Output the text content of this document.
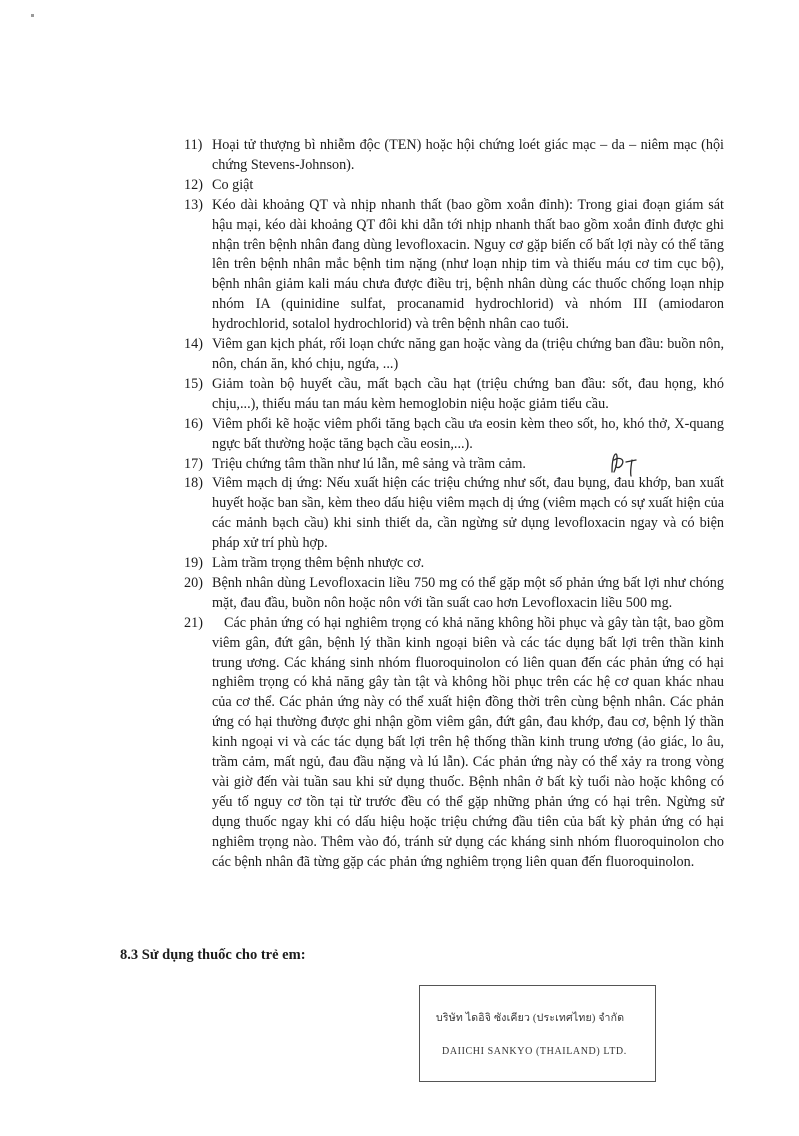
11) Hoại tử thượng bì nhiễm độc (TEN) hoặc hội chứng loét giác mạc – da – niêm mạc (hội chứng Stevens-Johnson).
12) Co giật
13) Kéo dài khoảng QT và nhịp nhanh thất (bao gồm xoắn đỉnh): Trong giai đoạn giám sát hậu mại, kéo dài khoảng QT đôi khi dẫn tới nhịp nhanh thất bao gồm xoắn đỉnh được ghi nhận trên bệnh nhân đang dùng levofloxacin. Nguy cơ gặp biến cố bất lợi này có thể tăng lên trên bệnh nhân mắc bệnh tim nặng (như loạn nhịp tim và thiếu máu cơ tim cục bộ), bệnh nhân giảm kali máu chưa được điều trị, bệnh nhân dùng các thuốc chống loạn nhịp nhóm IA (quinidine sulfat, procanamid hydrochlorid) và nhóm III (amiodaron hydrochlorid, sotalol hydrochlorid) và trên bệnh nhân cao tuổi.
14) Viêm gan kịch phát, rối loạn chức năng gan hoặc vàng da (triệu chứng ban đầu: buồn nôn, nôn, chán ăn, khó chịu, ngứa, ...)
15) Giảm toàn bộ huyết cầu, mất bạch cầu hạt (triệu chứng ban đầu: sốt, đau họng, khó chịu,...), thiếu máu tan máu kèm hemoglobin niệu hoặc giảm tiểu cầu.
16) Viêm phổi kẽ hoặc viêm phổi tăng bạch cầu ưa eosin kèm theo sốt, ho, khó thở, X-quang ngực bất thường hoặc tăng bạch cầu eosin,...).
17) Triệu chứng tâm thần như lú lẫn, mê sảng và trầm cảm.
18) Viêm mạch dị ứng: Nếu xuất hiện các triệu chứng như sốt, đau bụng, đau khớp, ban xuất huyết hoặc ban sần, kèm theo dấu hiệu viêm mạch dị ứng (viêm mạch có sự xuất hiện của các mảnh bạch cầu) khi sinh thiết da, cần ngừng sử dụng levofloxacin ngay và có biện pháp xử trí phù hợp.
19) Làm trầm trọng thêm bệnh nhược cơ.
20) Bệnh nhân dùng Levofloxacin liều 750 mg có thể gặp một số phản ứng bất lợi như chóng mặt, đau đầu, buồn nôn hoặc nôn với tần suất cao hơn Levofloxacin liều 500 mg.
21) Các phản ứng có hại nghiêm trọng có khả năng không hồi phục và gây tàn tật, bao gồm viêm gân, đứt gân, bệnh lý thần kinh ngoại biên và các tác dụng bất lợi trên thần kinh trung ương. Các kháng sinh nhóm fluoroquinolon có liên quan đến các phản ứng có hại nghiêm trọng có khả năng gây tàn tật và không hồi phục trên các hệ cơ quan khác nhau của cơ thể. Các phản ứng này có thể xuất hiện đồng thời trên cùng bệnh nhân. Các phản ứng có hại thường được ghi nhận gồm viêm gân, đứt gân, đau khớp, đau cơ, bệnh lý thần kinh ngoại vi và các tác dụng bất lợi trên hệ thống thần kinh trung ương (ảo giác, lo âu, trầm cảm, mất ngủ, đau đầu nặng và lú lẫn). Các phản ứng này có thể xảy ra trong vòng vài giờ đến vài tuần sau khi sử dụng thuốc. Bệnh nhân ở bất kỳ tuổi nào hoặc không có yếu tố nguy cơ tồn tại từ trước đều có thể gặp những phản ứng có hại trên. Ngừng sử dụng thuốc ngay khi có dấu hiệu hoặc triệu chứng đầu tiên của bất kỳ phản ứng có hại nghiêm trọng nào. Thêm vào đó, tránh sử dụng các kháng sinh nhóm fluoroquinolon cho các bệnh nhân đã từng gặp các phản ứng nghiêm trọng liên quan đến fluoroquinolon.
8.3 Sử dụng thuốc cho trẻ em:
บริษัท ไดอิจิ ซังเคียว (ประเทศไทย) จำกัด
DAIICHI SANKYO (THAILAND) LTD.
